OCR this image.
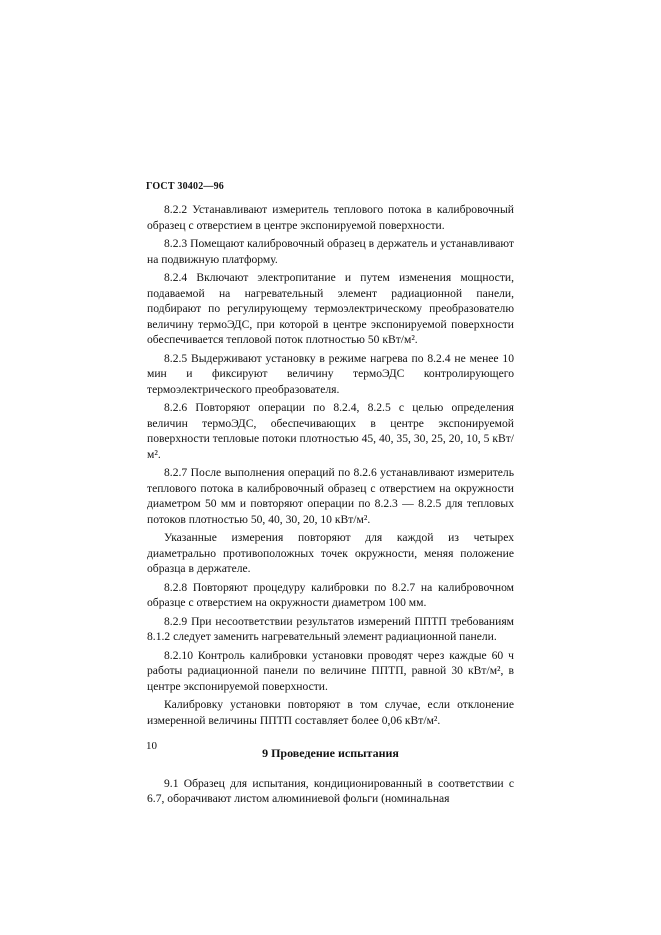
ГОСТ 30402—96

8.2.2 Устанавливают измеритель теплового потока в калибровочный образец с отверстием в центре экспонируемой поверхности.

8.2.3 Помещают калибровочный образец в держатель и устанавливают на подвижную платформу.

8.2.4 Включают электропитание и путем изменения мощности, подаваемой на нагревательный элемент радиационной панели, подбирают по регулирующему термоэлектрическому преобразователю величину термоЭДС, при которой в центре экспонируемой поверхности обеспечивается тепловой поток плотностью 50 кВт/м².

8.2.5 Выдерживают установку в режиме нагрева по 8.2.4 не менее 10 мин и фиксируют величину термоЭДС контролирующего термоэлектрического преобразователя.

8.2.6 Повторяют операции по 8.2.4, 8.2.5 с целью определения величин термоЭДС, обеспечивающих в центре экспонируемой поверхности тепловые потоки плотностью 45, 40, 35, 30, 25, 20, 10, 5 кВт/м².

8.2.7 После выполнения операций по 8.2.6 устанавливают измеритель теплового потока в калибровочный образец с отверстием на окружности диаметром 50 мм и повторяют операции по 8.2.3 — 8.2.5 для тепловых потоков плотностью 50, 40, 30, 20, 10 кВт/м².

Указанные измерения повторяют для каждой из четырех диаметрально противоположных точек окружности, меняя положение образца в держателе.

8.2.8 Повторяют процедуру калибровки по 8.2.7 на калибровочном образце с отверстием на окружности диаметром 100 мм.

8.2.9 При несоответствии результатов измерений ППТП требованиям 8.1.2 следует заменить нагревательный элемент радиационной панели.

8.2.10 Контроль калибровки установки проводят через каждые 60 ч работы радиационной панели по величине ППТП, равной 30 кВт/м², в центре экспонируемой поверхности.

Калибровку установки повторяют в том случае, если отклонение измеренной величины ППТП составляет более 0,06 кВт/м².

9 Проведение испытания

9.1 Образец для испытания, кондиционированный в соответствии с 6.7, оборачивают листом алюминиевой фольги (номинальная

10
